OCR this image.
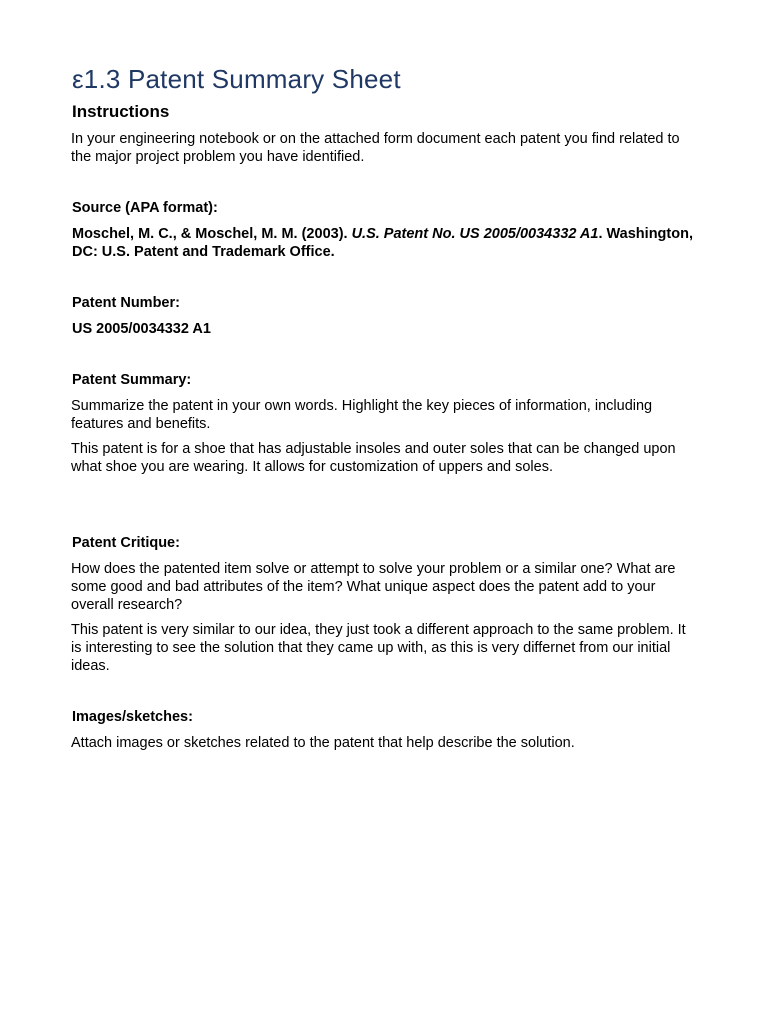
ε1.3 Patent Summary Sheet
Instructions

In your engineering notebook or on the attached form document each patent you find related to the major project problem you have identified.

Source (APA format):

Moschel, M. C., & Moschel, M. M. (2003). U.S. Patent No. US 2005/0034332 A1. Washington, DC: U.S. Patent and Trademark Office.

Patent Number:
US 2005/0034332 A1
Patent Summary:

Summarize the patent in your own words. Highlight the key pieces of information, including features and benefits.

This patent is for a shoe that has adjustable insoles and outer soles that can be changed upon what shoe you are wearing. It allows for customization of uppers and soles.

Patent Critique:

How does the patented item solve or attempt to solve your problem or a similar one? What are some good and bad attributes of the item? What unique aspect does the patent add to your overall research?

This patent is very similar to our idea, they just took a different approach to the same problem. It is interesting to see the solution that they came up with, as this is very differnet from our initial ideas.

Images/sketches:

Attach images or sketches related to the patent that help describe the solution.
